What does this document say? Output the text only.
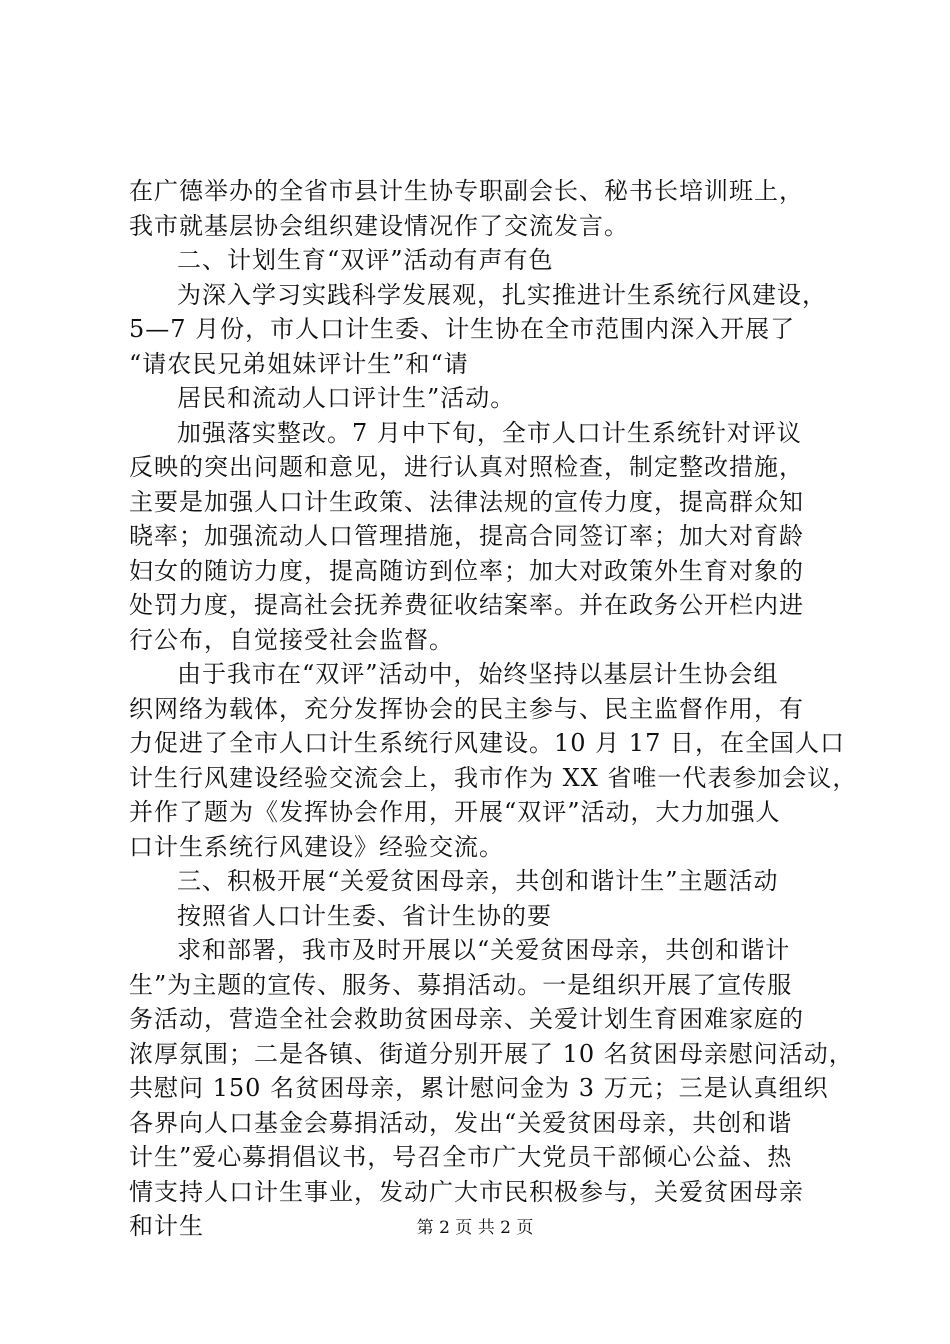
在广德举办的全省市县计生协专职副会长、秘书长培训班上，
我市就基层协会组织建设情况作了交流发言。
二、计划生育“双评”活动有声有色
为深入学习实践科学发展观，扎实推进计生系统行风建设，
5—7 月份，市人口计生委、计生协在全市范围内深入开展了
“请农民兄弟姐妹评计生”和“请
居民和流动人口评计生”活动。
加强落实整改。7 月中下旬，全市人口计生系统针对评议
反映的突出问题和意见，进行认真对照检查，制定整改措施，
主要是加强人口计生政策、法律法规的宣传力度，提高群众知
晓率；加强流动人口管理措施，提高合同签订率；加大对育龄
妇女的随访力度，提高随访到位率；加大对政策外生育对象的
处罚力度，提高社会抚养费征收结案率。并在政务公开栏内进
行公布，自觉接受社会监督。
由于我市在“双评”活动中，始终坚持以基层计生协会组
织网络为载体，充分发挥协会的民主参与、民主监督作用，有
力促进了全市人口计生系统行风建设。10 月 17 日，在全国人口
计生行风建设经验交流会上，我市作为 XX 省唯一代表参加会议，
并作了题为《发挥协会作用，开展“双评”活动，大力加强人
口计生系统行风建设》经验交流。
三、积极开展“关爱贫困母亲，共创和谐计生”主题活动
按照省人口计生委、省计生协的要
求和部署，我市及时开展以“关爱贫困母亲，共创和谐计
生”为主题的宣传、服务、募捐活动。一是组织开展了宣传服
务活动，营造全社会救助贫困母亲、关爱计划生育困难家庭的
浓厚氛围；二是各镇、街道分别开展了 10 名贫困母亲慰问活动，
共慰问 150 名贫困母亲，累计慰问金为 3 万元；三是认真组织
各界向人口基金会募捐活动，发出“关爱贫困母亲，共创和谐
计生”爱心募捐倡议书，号召全市广大党员干部倾心公益、热
情支持人口计生事业，发动广大市民积极参与，关爱贫困母亲
和计生	第 2 页 共 2 页
